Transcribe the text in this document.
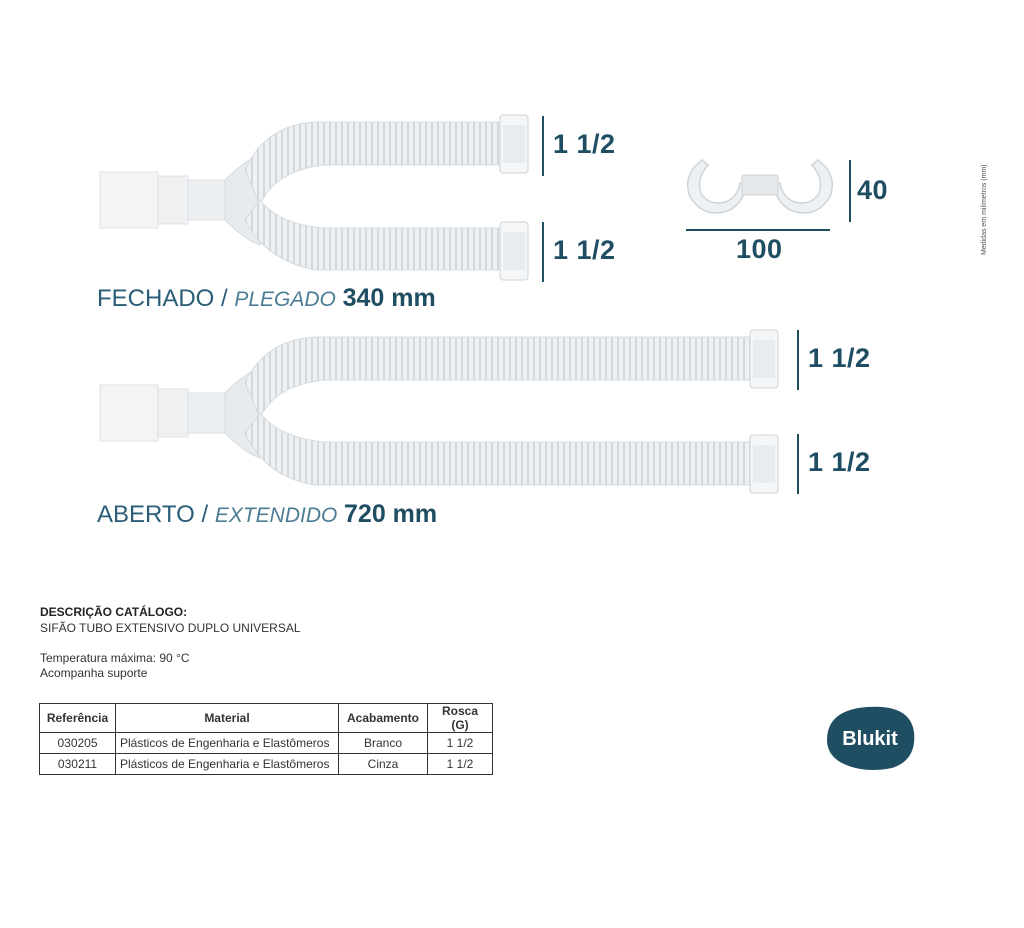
1 1/2
1 1/2
FECHADO / PLEGADO 340 mm
100
40	Medidas em milímetros (mm)
1 1/2
1 1/2
ABERTO / EXTENDIDO 720 mm
DESCRIÇÃO CATÁLOGO:
SIFÃO TUBO EXTENSIVO DUPLO UNIVERSAL
Temperatura máxima: 90 °C
Acompanha suporte
Referência	Material	Acabamento	Rosca (G)
030205	Plásticos de Engenharia e Elastômeros	Branco	1 1/2
030211	Plásticos de Engenharia e Elastômeros	Cinza	1 1/2
Blukit
